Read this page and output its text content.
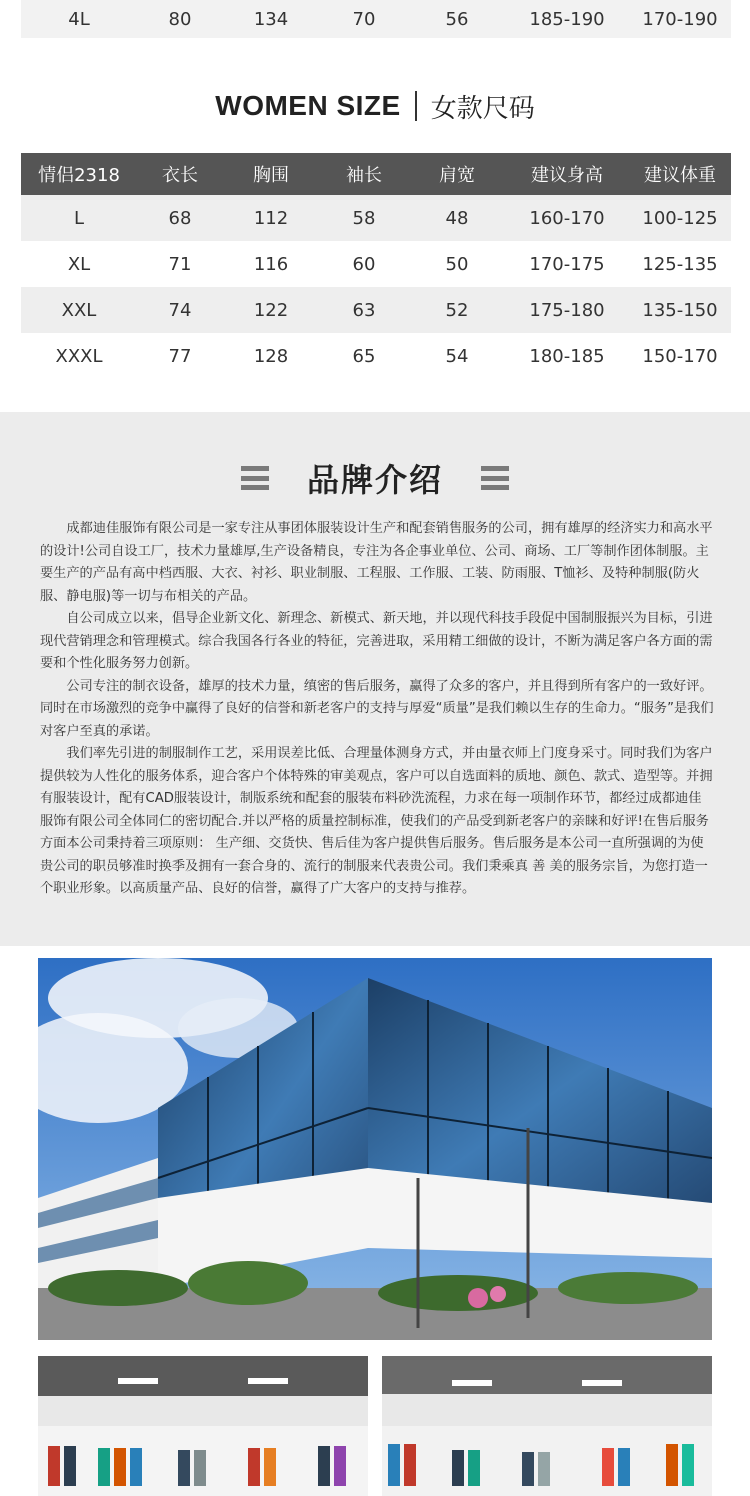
4L	80	134	70	56	185-190	170-190
WOMEN SIZE 女款尺码
情侣2318	衣长	胸围	袖长	肩宽	建议身高	建议体重
L	68	112	58	48	160-170	100-125
XL	71	116	60	50	170-175	125-135
XXL	74	122	63	52	175-180	135-150
XXXL	77	128	65	54	180-185	150-170
品牌介绍

成都迪佳服饰有限公司是一家专注从事团体服装设计生产和配套销售服务的公司，拥有雄厚的经济实力和高水平的设计!公司自设工厂，技术力量雄厚,生产设备精良，专注为各企事业单位、公司、商场、工厂等制作团体制服。主要生产的产品有高中档西服、大衣、衬衫、职业制服、工程服、工作服、工装、防雨服、T恤衫、及特种制服(防火服、静电服)等一切与布相关的产品。

自公司成立以来，倡导企业新文化、新理念、新模式、新天地，并以现代科技手段促中国制服振兴为目标，引进现代营销理念和管理模式。综合我国各行各业的特征，完善进取，采用精工细做的设计，不断为满足客户各方面的需要和个性化服务努力创新。

公司专注的制衣设备，雄厚的技术力量，缜密的售后服务，赢得了众多的客户，并且得到所有客户的一致好评。同时在市场激烈的竞争中赢得了良好的信誉和新老客户的支持与厚爱“质量”是我们赖以生存的生命力。“服务”是我们对客户至真的承诺。

我们率先引进的制服制作工艺，采用误差比低、合理量体测身方式，并由量衣师上门度身采寸。同时我们为客户提供较为人性化的服务体系，迎合客户个体特殊的审美观点，客户可以自选面料的质地、颜色、款式、造型等。并拥有服装设计，配有CAD服装设计，制版系统和配套的服装布料砂洗流程，力求在每一项制作环节，都经过成都迪佳服饰有限公司全体同仁的密切配合.并以严格的质量控制标准，使我们的产品受到新老客户的亲睐和好评!在售后服务方面本公司秉持着三项原则： 生产细、交货快、售后佳为客户提供售后服务。售后服务是本公司一直所强调的为使贵公司的职员够准时换季及拥有一套合身的、流行的制服来代表贵公司。我们秉乘真 善 美的服务宗旨，为您打造一个职业形象。以高质量产品、良好的信誉，赢得了广大客户的支持与推荐。
